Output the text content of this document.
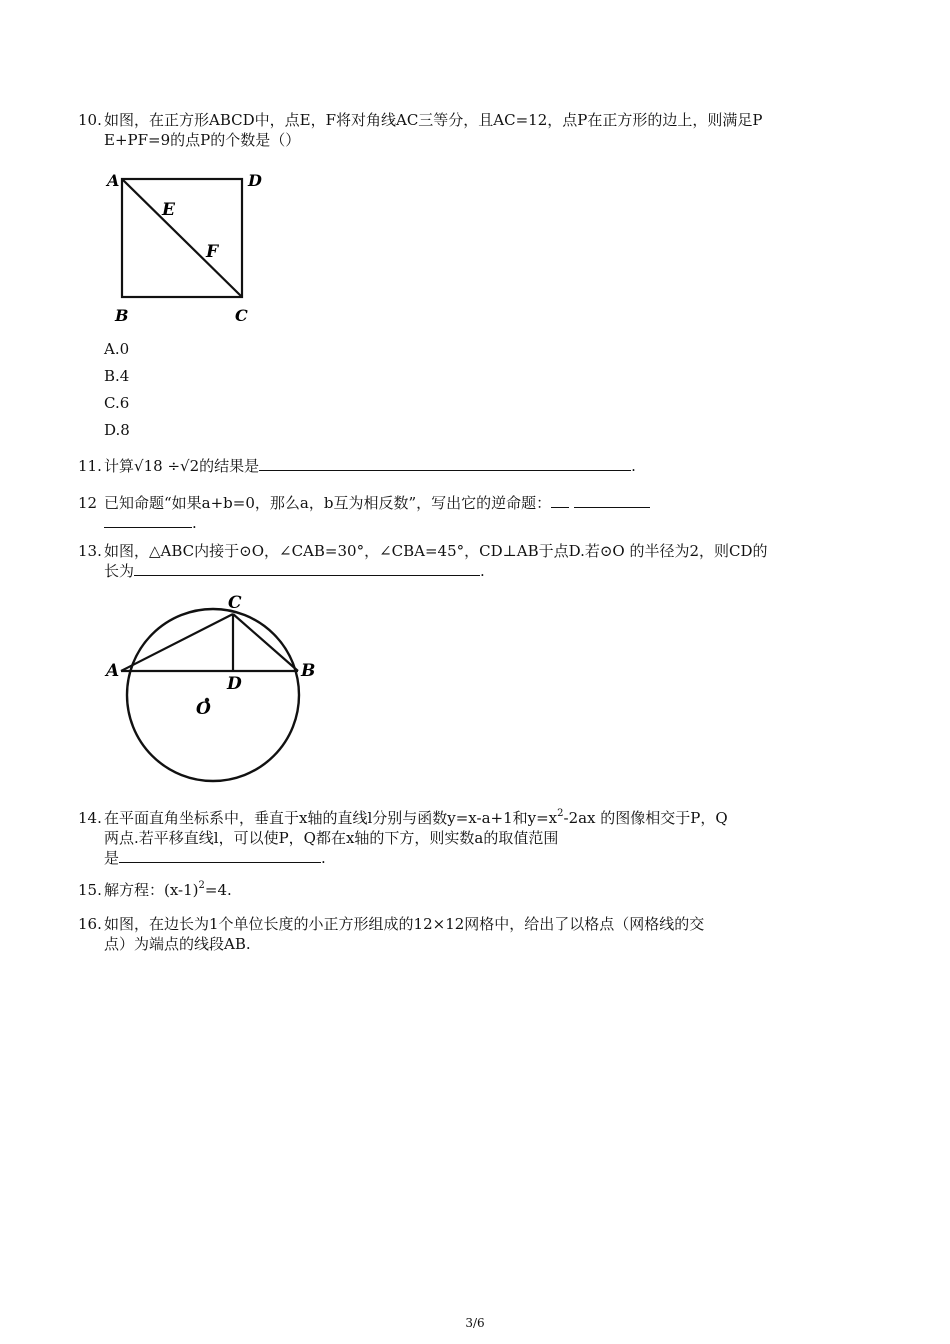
10. 如图，在正方形ABCD中，点E，F将对角线AC三等分，且AC=12，点P在正方形的边上，则满足P
E+PF=9的点P的个数是（）
A	D
B	C
E
F
A.0
B.4
C.6
D.8
11. 计算√18 ÷√2的结果是	.
12 已知命题“如果a+b=0，那么a，b互为相反数”，写出它的逆命题：
.
13. 如图，△ABC内接于⊙O，∠CAB=30°，∠CBA=45°，CD⊥AB于点D.若⊙O 的半径为2，则CD的
长为	.
C
A	B
D
O
14. 在平面直角坐标系中，垂直于x轴的直线l分别与函数y=x-a+1和$y=x^2-2ax$ 的图像相交于P，Q
两点.若平移直线l，可以使P，Q都在x轴的下方，则实数a的取值范围
是	.
15. 解方程：$(x-1)^2=4$.
16. 如图，在边长为1个单位长度的小正方形组成的12×12网格中，给出了以格点（网格线的交
点）为端点的线段AB.
3/6
